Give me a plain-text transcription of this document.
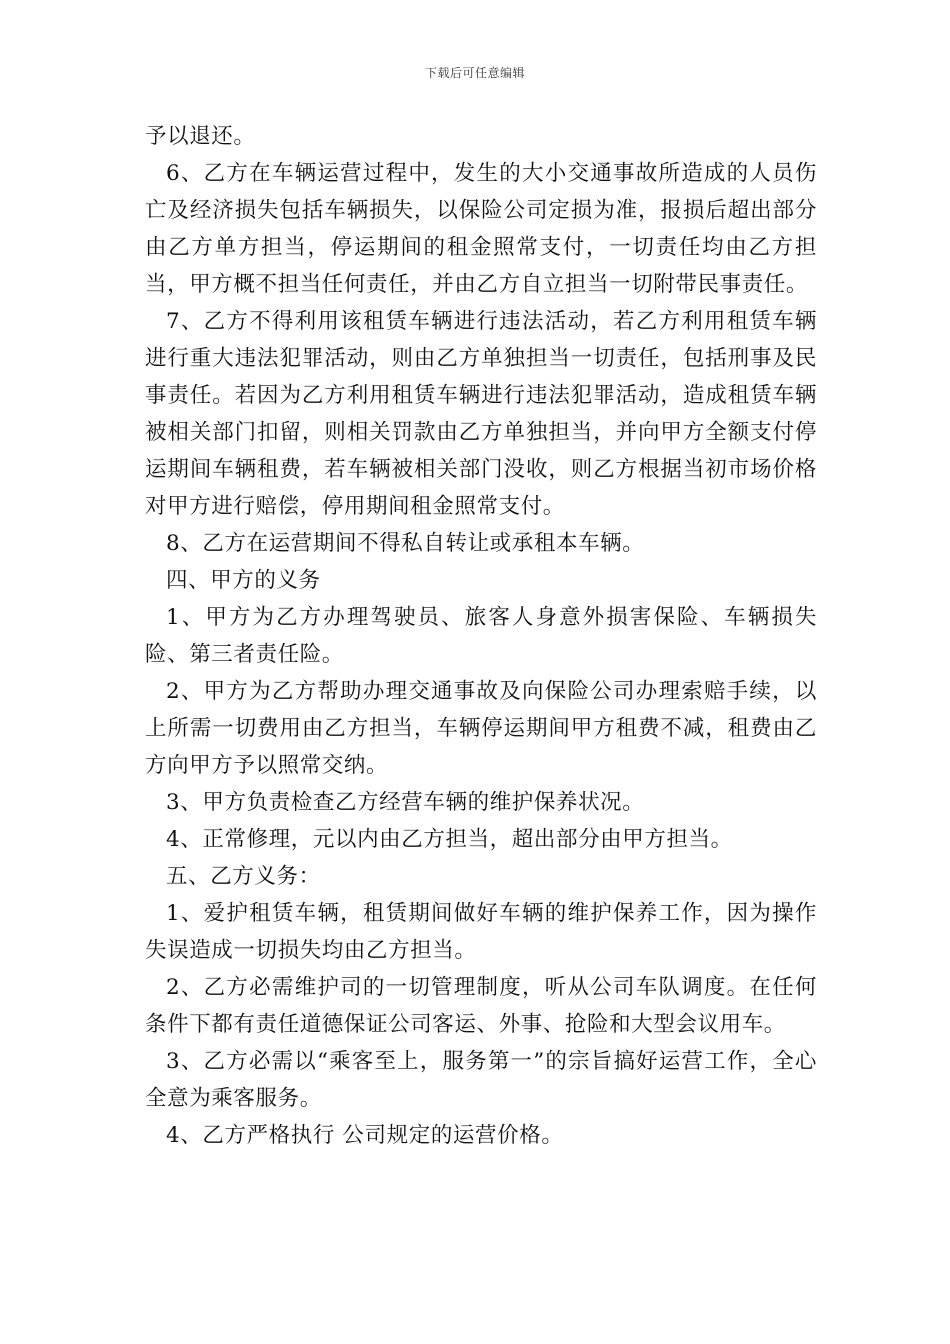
下载后可任意编辑

予以退还。

6、乙方在车辆运营过程中，发生的大小交通事故所造成的人员伤亡及经济损失包括车辆损失，以保险公司定损为准，报损后超出部分由乙方单方担当，停运期间的租金照常支付，一切责任均由乙方担当，甲方概不担当任何责任，并由乙方自立担当一切附带民事责任。

7、乙方不得利用该租赁车辆进行违法活动，若乙方利用租赁车辆进行重大违法犯罪活动，则由乙方单独担当一切责任，包括刑事及民事责任。若因为乙方利用租赁车辆进行违法犯罪活动，造成租赁车辆被相关部门扣留，则相关罚款由乙方单独担当，并向甲方全额支付停运期间车辆租费，若车辆被相关部门没收，则乙方根据当初市场价格对甲方进行赔偿，停用期间租金照常支付。

8、乙方在运营期间不得私自转让或承租本车辆。

四、甲方的义务

1、甲方为乙方办理驾驶员、旅客人身意外损害保险、车辆损失险、第三者责任险。

2、甲方为乙方帮助办理交通事故及向保险公司办理索赔手续，以上所需一切费用由乙方担当，车辆停运期间甲方租费不减，租费由乙方向甲方予以照常交纳。

3、甲方负责检查乙方经营车辆的维护保养状况。

4、正常修理，元以内由乙方担当，超出部分由甲方担当。

五、乙方义务：

1、爱护租赁车辆，租赁期间做好车辆的维护保养工作，因为操作失误造成一切损失均由乙方担当。

2、乙方必需维护司的一切管理制度，听从公司车队调度。在任何条件下都有责任道德保证公司客运、外事、抢险和大型会议用车。

3、乙方必需以“乘客至上，服务第一”的宗旨搞好运营工作，全心全意为乘客服务。

4、乙方严格执行 公司规定的运营价格。
